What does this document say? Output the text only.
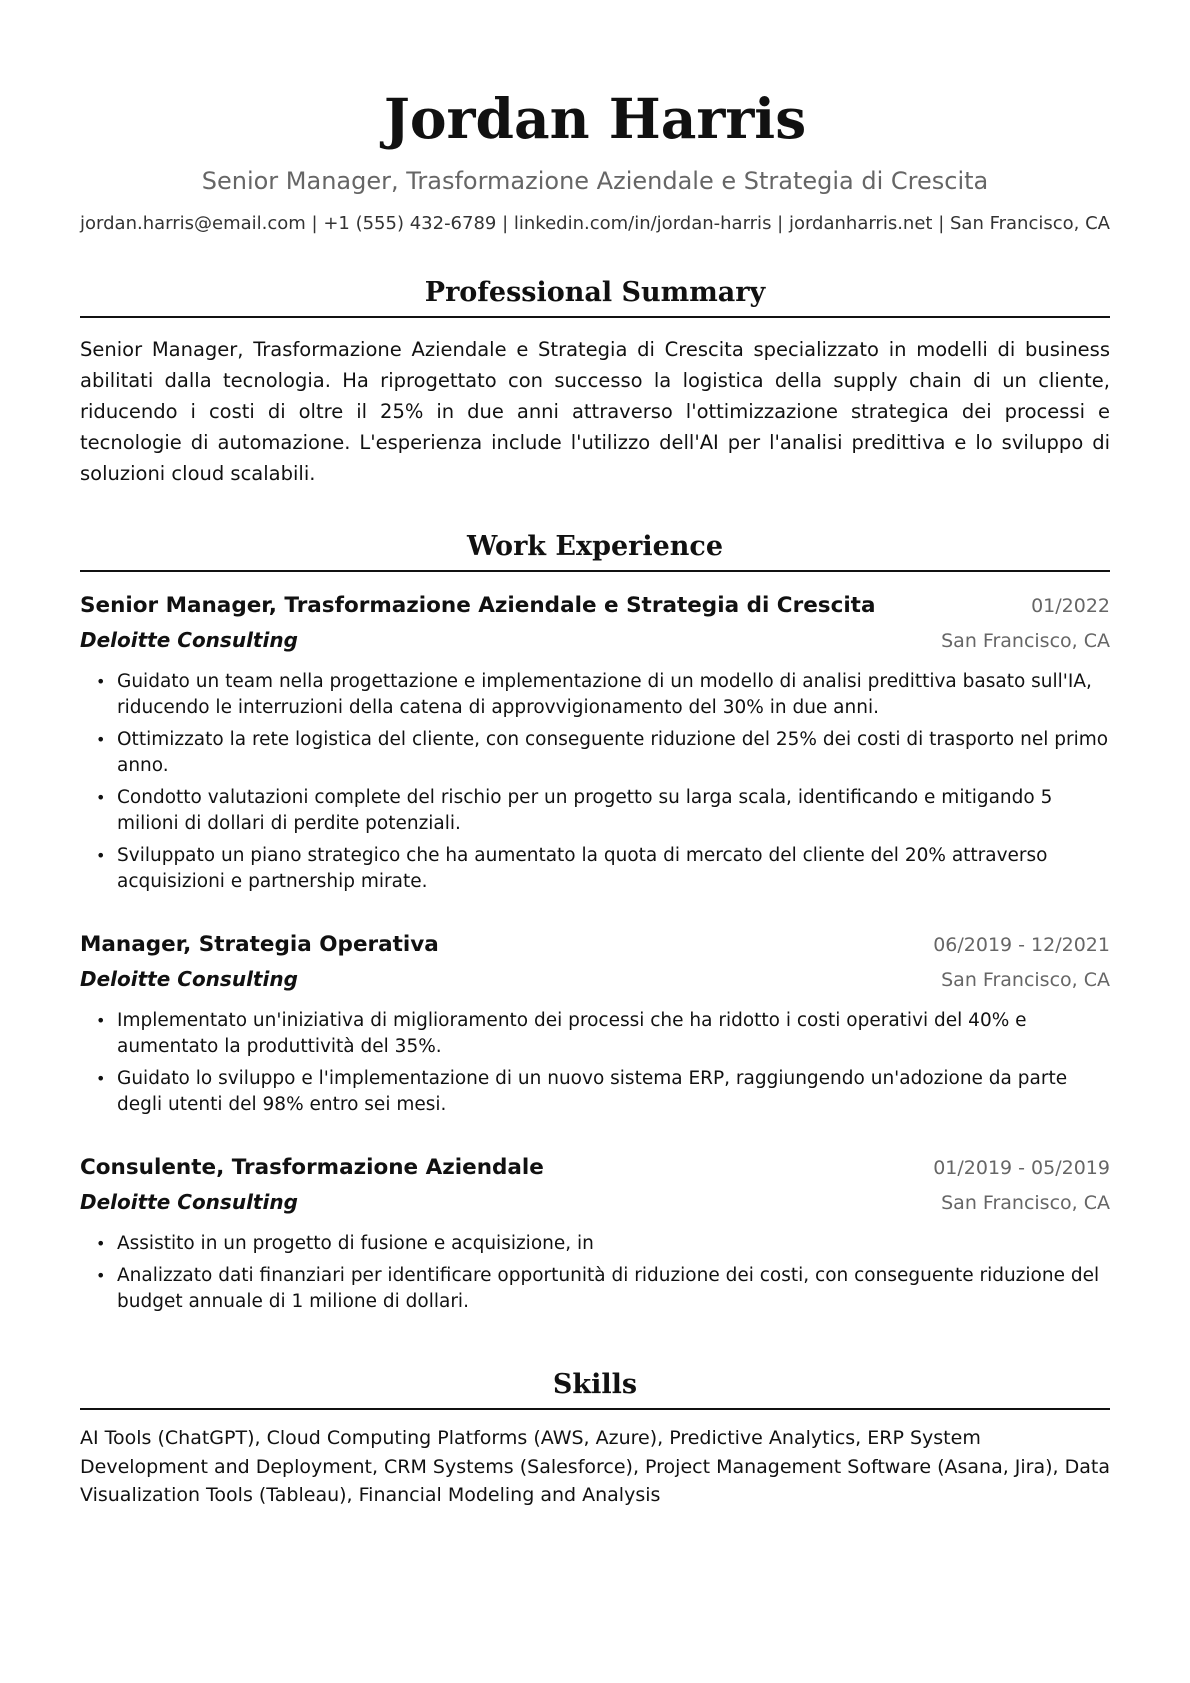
Jordan Harris
Senior Manager, Trasformazione Aziendale e Strategia di Crescita
jordan.harris@email.com | +1 (555) 432-6789 | linkedin.com/in/jordan-harris | jordanharris.net | San Francisco, CA
Professional Summary
Senior Manager, Trasformazione Aziendale e Strategia di Crescita specializzato in modelli di business abilitati dalla tecnologia. Ha riprogettato con successo la logistica della supply chain di un cliente, riducendo i costi di oltre il 25% in due anni attraverso l'ottimizzazione strategica dei processi e tecnologie di automazione. L'esperienza include l'utilizzo dell'AI per l'analisi predittiva e lo sviluppo di soluzioni cloud scalabili.
Work Experience
Senior Manager, Trasformazione Aziendale e Strategia di Crescita	01/2022
Deloitte Consulting	San Francisco, CA
• Guidato un team nella progettazione e implementazione di un modello di analisi predittiva basato sull'IA, riducendo le interruzioni della catena di approvvigionamento del 30% in due anni.
• Ottimizzato la rete logistica del cliente, con conseguente riduzione del 25% dei costi di trasporto nel primo anno.
• Condotto valutazioni complete del rischio per un progetto su larga scala, identificando e mitigando 5 milioni di dollari di perdite potenziali.
• Sviluppato un piano strategico che ha aumentato la quota di mercato del cliente del 20% attraverso acquisizioni e partnership mirate.
Manager, Strategia Operativa	06/2019 - 12/2021
Deloitte Consulting	San Francisco, CA
• Implementato un'iniziativa di miglioramento dei processi che ha ridotto i costi operativi del 40% e aumentato la produttività del 35%.
• Guidato lo sviluppo e l'implementazione di un nuovo sistema ERP, raggiungendo un'adozione da parte degli utenti del 98% entro sei mesi.
Consulente, Trasformazione Aziendale	01/2019 - 05/2019
Deloitte Consulting	San Francisco, CA
• Assistito in un progetto di fusione e acquisizione, in
• Analizzato dati finanziari per identificare opportunità di riduzione dei costi, con conseguente riduzione del budget annuale di 1 milione di dollari.
Skills
AI Tools (ChatGPT), Cloud Computing Platforms (AWS, Azure), Predictive Analytics, ERP System Development and Deployment, CRM Systems (Salesforce), Project Management Software (Asana, Jira), Data Visualization Tools (Tableau), Financial Modeling and Analysis
